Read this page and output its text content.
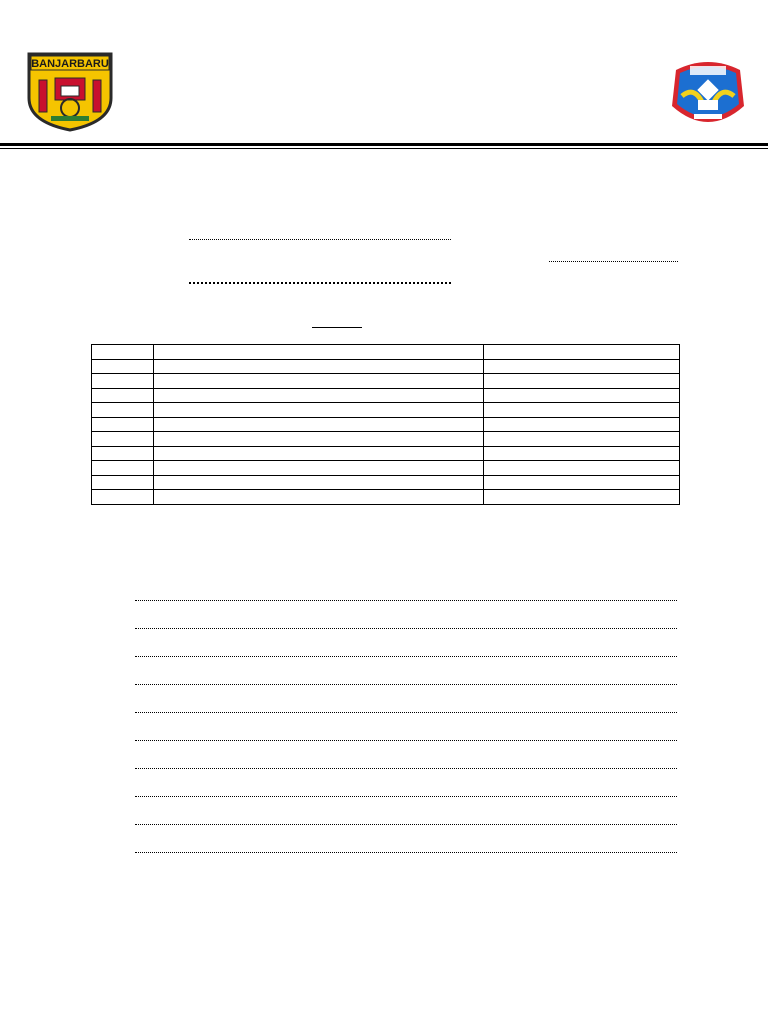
BANJARBARU
